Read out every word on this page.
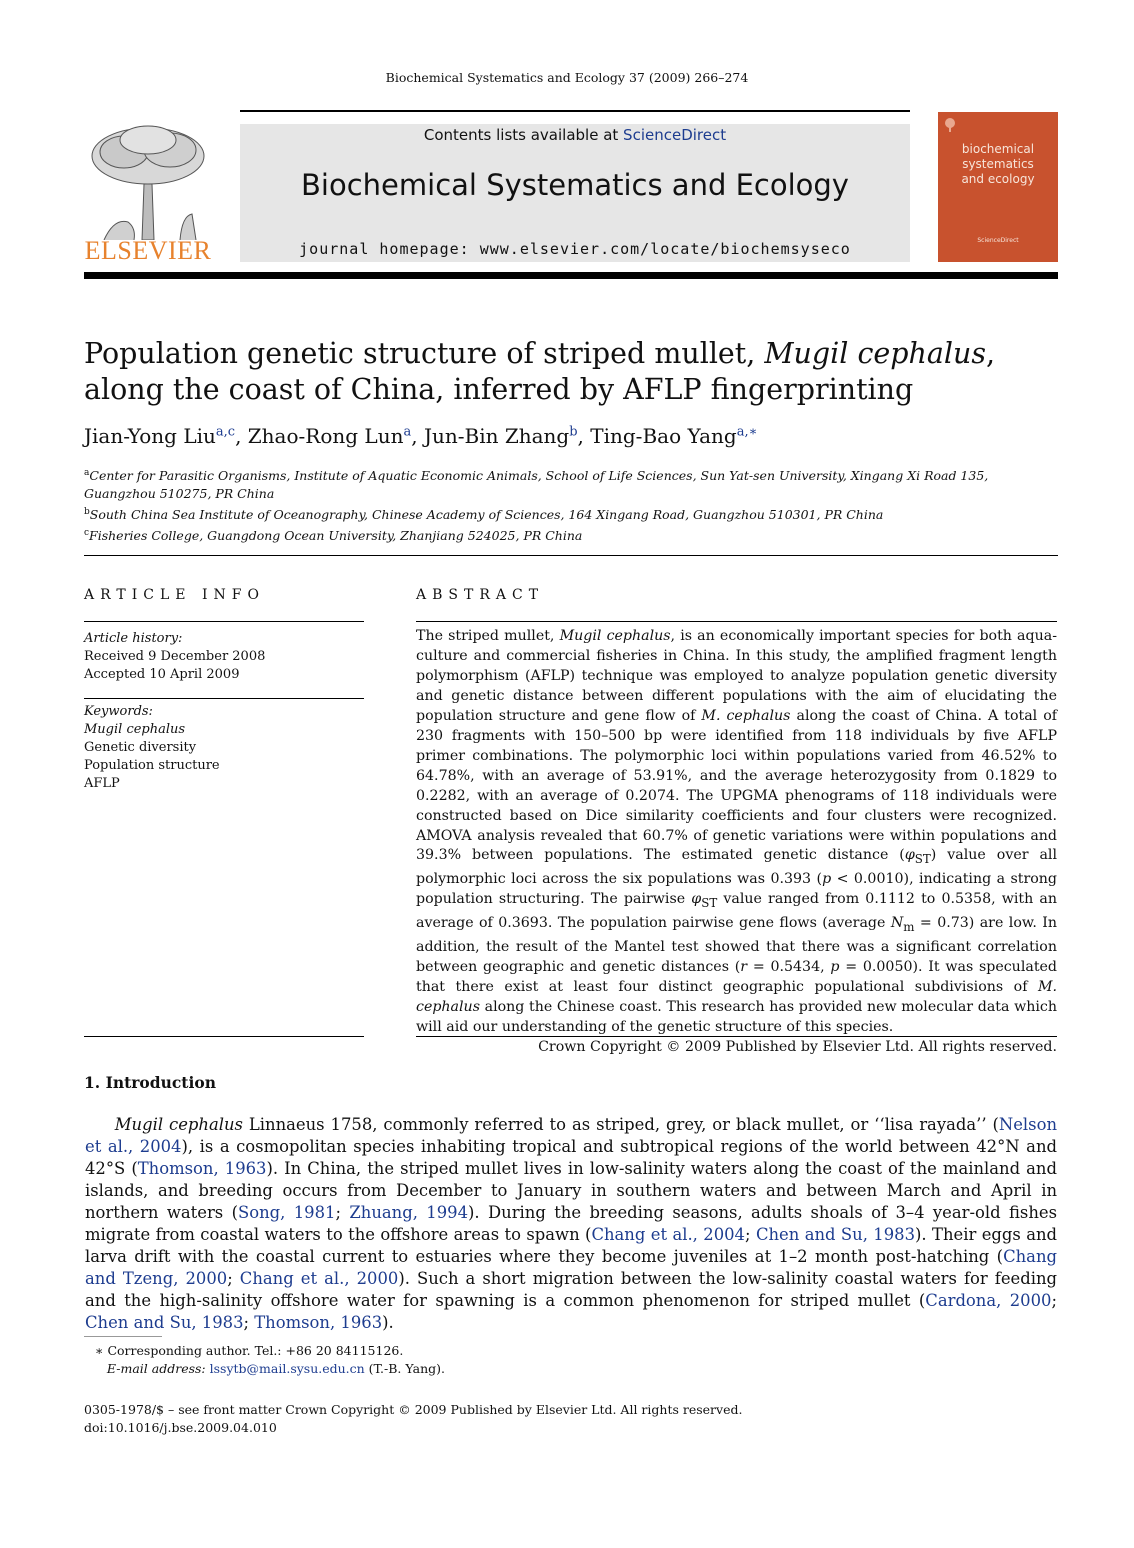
Biochemical Systematics and Ecology 37 (2009) 266–274
ELSEVIER
Contents lists available at ScienceDirect
Biochemical Systematics and Ecology
journal homepage: www.elsevier.com/locate/biochemsyseco
biochemical
systematics
and ecology
ScienceDirect
Population genetic structure of striped mullet, Mugil cephalus, along the coast of China, inferred by AFLP fingerprinting
Jian-Yong Liu$^{a,c}$, Zhao-Rong Lun$^a$, Jun-Bin Zhang$^b$, Ting-Bao Yang$^{a,∗}$
$^a$Center for Parasitic Organisms, Institute of Aquatic Economic Animals, School of Life Sciences, Sun Yat-sen University, Xingang Xi Road 135, Guangzhou 510275, PR China
$^b$South China Sea Institute of Oceanography, Chinese Academy of Sciences, 164 Xingang Road, Guangzhou 510301, PR China
$^c$Fisheries College, Guangdong Ocean University, Zhanjiang 524025, PR China
ARTICLE INFO
Article history:
Received 9 December 2008
Accepted 10 April 2009
Keywords:
Mugil cephalus
Genetic diversity
Population structure
AFLP
ABSTRACT
The striped mullet, Mugil cephalus, is an economically important species for both aquaculture and commercial fisheries in China. In this study, the amplified fragment length polymorphism (AFLP) technique was employed to analyze population genetic diversity and genetic distance between different populations with the aim of elucidating the population structure and gene flow of M. cephalus along the coast of China. A total of 230 fragments with 150–500 bp were identified from 118 individuals by five AFLP primer combinations. The polymorphic loci within populations varied from 46.52% to 64.78%, with an average of 53.91%, and the average heterozygosity from 0.1829 to 0.2282, with an average of 0.2074. The UPGMA phenograms of 118 individuals were constructed based on Dice similarity coefficients and four clusters were recognized. AMOVA analysis revealed that 60.7% of genetic variations were within populations and 39.3% between populations. The estimated genetic distance $(\varphi_{ST})$ value over all polymorphic loci across the six populations was 0.393 (p < 0.0010), indicating a strong population structuring. The pairwise $\varphi_{ST}$ value ranged from 0.1112 to 0.5358, with an average of 0.3693. The population pairwise gene flows (average $N_m = 0.73$) are low. In addition, the result of the Mantel test showed that there was a significant correlation between geographic and genetic distances (r = 0.5434, p = 0.0050). It was speculated that there exist at least four distinct geographic populational subdivisions of M. cephalus along the Chinese coast. This research has provided new molecular data which will aid our understanding of the genetic structure of this species.
Crown Copyright © 2009 Published by Elsevier Ltd. All rights reserved.
1. Introduction
Mugil cephalus Linnaeus 1758, commonly referred to as striped, grey, or black mullet, or ‘‘lisa rayada’’ (Nelson et al., 2004), is a cosmopolitan species inhabiting tropical and subtropical regions of the world between 42°N and 42°S (Thomson, 1963). In China, the striped mullet lives in low-salinity waters along the coast of the mainland and islands, and breeding occurs from December to January in southern waters and between March and April in northern waters (Song, 1981; Zhuang, 1994). During the breeding seasons, adults shoals of 3–4 year-old fishes migrate from coastal waters to the offshore areas to spawn (Chang et al., 2004; Chen and Su, 1983). Their eggs and larva drift with the coastal current to estuaries where they become juveniles at 1–2 month post-hatching (Chang and Tzeng, 2000; Chang et al., 2000). Such a short migration between the low-salinity coastal waters for feeding and the high-salinity offshore water for spawning is a common phenomenon for striped mullet (Cardona, 2000; Chen and Su, 1983; Thomson, 1963).
∗ Corresponding author. Tel.: +86 20 84115126.
E-mail address: lssytb@mail.sysu.edu.cn (T.-B. Yang).
0305-1978/$ – see front matter Crown Copyright © 2009 Published by Elsevier Ltd. All rights reserved.
doi:10.1016/j.bse.2009.04.010
